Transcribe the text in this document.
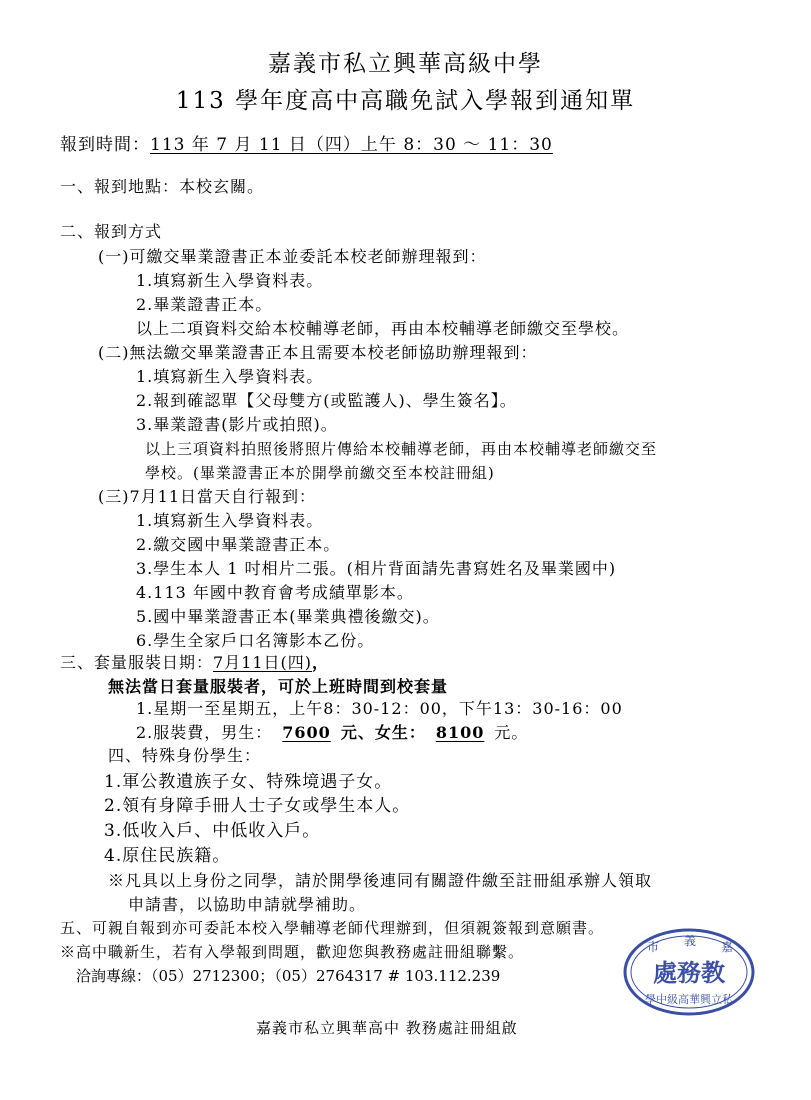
嘉義市私立興華高級中學
113 學年度高中高職免試入學報到通知單
報到時間：113 年 7 月 11 日（四）上午 8：30 ～ 11：30
一、報到地點：本校玄關。
二、報到方式
(一)可繳交畢業證書正本並委託本校老師辦理報到：
1.填寫新生入學資料表。
2.畢業證書正本。
以上二項資料交給本校輔導老師，再由本校輔導老師繳交至學校。
(二)無法繳交畢業證書正本且需要本校老師協助辦理報到：
1.填寫新生入學資料表。
2.報到確認單【父母雙方(或監護人)、學生簽名】。
3.畢業證書(影片或拍照)。
以上三項資料拍照後將照片傳給本校輔導老師，再由本校輔導老師繳交至
學校。(畢業證書正本於開學前繳交至本校註冊組)
(三)7月11日當天自行報到：
1.填寫新生入學資料表。
2.繳交國中畢業證書正本。
3.學生本人 1 吋相片二張。(相片背面請先書寫姓名及畢業國中)
4.113 年國中教育會考成績單影本。
5.國中畢業證書正本(畢業典禮後繳交)。
6.學生全家戶口名簿影本乙份。
三、套量服裝日期：7月11日(四)，
無法當日套量服裝者，可於上班時間到校套量
1.星期一至星期五，上午8：30-12：00，下午13：30-16：00
2.服裝費，男生： 7600 元、女生： 8100 元。
四、特殊身份學生：
1.軍公教遺族子女、特殊境遇子女。
2.領有身障手冊人士子女或學生本人。
3.低收入戶、中低收入戶。
4.原住民族籍。
※凡具以上身份之同學，請於開學後連同有關證件繳至註冊組承辦人領取
申請書，以協助申請就學補助。
五、可親自報到亦可委託本校入學輔導老師代理辦到，但須親簽報到意願書。
※高中職新生，若有入學報到問題，歡迎您與教務處註冊組聯繫。
洽詢專線：（05）2712300；（05）2764317 # 103.112.239
嘉義市私立興華高中 教務處註冊組啟
市 義 嘉
處務教
學中級高華興立私
